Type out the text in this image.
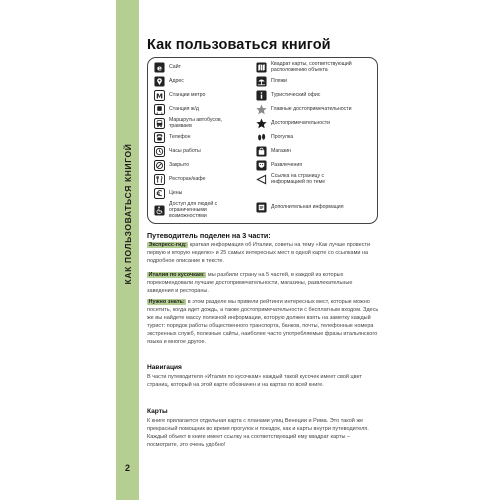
КАК ПОЛЬЗОВАТЬСЯ КНИГОЙ
2
Как пользоваться книгой
e Сайт
Адрес
M Станции метро
Станция ж/д
Маршруты автобусов, трамваев
Телефон
Часы работы
Закрыто
Ресторан/кафе
Цены
Доступ для людей с ограниченными возможностями
Квадрат карты, соответствующий расположению объекта
Пляжи
Туристический офис
Главные достопримечательности
Достопримечательности
Прогулка
Магазин
Развлечения
Ссылка на страницу с информацией по теме
Дополнительная информация
Путеводитель поделен на 3 части:

Экспресс-гид: краткая информация об Италии, советы на тему «Как лучше провести первую и вторую неделю» и 25 самых интересных мест в одной карте со ссылками на подробное описание в тексте.

Италия по кусочкам: мы разбили страну на 5 частей, в каждой из которых порекомендовали лучшие достопримечательности, магазины, развлекательные заведения и рестораны.

Нужно знать: в этом разделе мы привели рейтинги интересных мест, которые можно посетить, когда идет дождь, а также достопримечательности с бесплатным входом. Здесь же вы найдете массу полезной информации, которую должен взять на заметку каждый турист: порядок работы общественного транспорта, банков, почты, телефонные номера экстренных служб, полезные сайты, наиболее часто употребляемые фразы итальянского языка и многое другое.

Навигация

В части путеводителя «Италия по кусочкам» каждый такой кусочек имеет свой цвет страниц, который на этой карте обозначен и на картах по всей книге.

Карты

К книге прилагается отдельная карта с планами улиц Венеции и Рима. Это такой же прекрасный помощник во время прогулок и поездок, как и карты внутри путеводителя. Каждый объект в книге имеет ссылку на соответствующий ему квадрат карты – посмотрите, это очень удобно!
